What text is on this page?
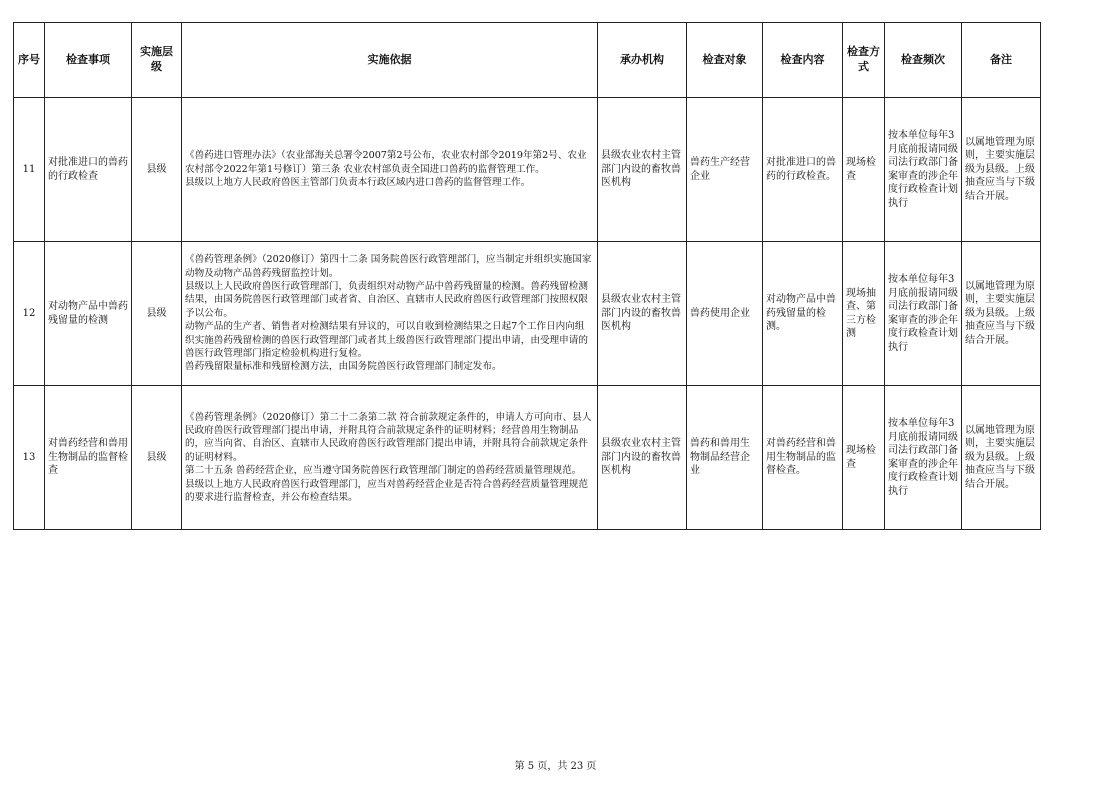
序号	检查事项	实施层级	实施依据	承办机构	检查对象	检查内容	检查方式	检查频次	备注
11	对批准进口的兽药的行政检查	县级	《兽药进口管理办法》（农业部海关总署令2007第2号公布，农业农村部令2019年第2号、农业农村部令2022年第1号修订）第三条 农业农村部负责全国进口兽药的监督管理工作。
县级以上地方人民政府兽医主管部门负责本行政区域内进口兽药的监督管理工作。	县级农业农村主管部门内设的畜牧兽医机构	兽药生产经营企业	对批准进口的兽药的行政检查。	现场检查	按本单位每年3月底前报请同级司法行政部门备案审查的涉企年度行政检查计划执行	以属地管理为原则，主要实施层级为县级。上级抽查应当与下级结合开展。
12	对动物产品中兽药残留量的检测	县级	《兽药管理条例》（2020修订）第四十二条 国务院兽医行政管理部门，应当制定并组织实施国家动物及动物产品兽药残留监控计划。
县级以上人民政府兽医行政管理部门，负责组织对动物产品中兽药残留量的检测。兽药残留检测结果，由国务院兽医行政管理部门或者省、自治区、直辖市人民政府兽医行政管理部门按照权限予以公布。
动物产品的生产者、销售者对检测结果有异议的，可以自收到检测结果之日起7个工作日内向组织实施兽药残留检测的兽医行政管理部门或者其上级兽医行政管理部门提出申请，由受理申请的兽医行政管理部门指定检验机构进行复检。
兽药残留限量标准和残留检测方法，由国务院兽医行政管理部门制定发布。	县级农业农村主管部门内设的畜牧兽医机构	兽药使用企业	对动物产品中兽药残留量的检测。	现场抽查、第三方检测	按本单位每年3月底前报请同级司法行政部门备案审查的涉企年度行政检查计划执行	以属地管理为原则，主要实施层级为县级。上级抽查应当与下级结合开展。
13	对兽药经营和兽用生物制品的监督检查	县级	《兽药管理条例》（2020修订）第二十二条第二款 符合前款规定条件的，申请人方可向市、县人民政府兽医行政管理部门提出申请，并附具符合前款规定条件的证明材料；经营兽用生物制品的，应当向省、自治区、直辖市人民政府兽医行政管理部门提出申请，并附具符合前款规定条件的证明材料。
第二十五条 兽药经营企业，应当遵守国务院兽医行政管理部门制定的兽药经营质量管理规范。
县级以上地方人民政府兽医行政管理部门，应当对兽药经营企业是否符合兽药经营质量管理规范的要求进行监督检查，并公布检查结果。	县级农业农村主管部门内设的畜牧兽医机构	兽药和兽用生物制品经营企业	对兽药经营和兽用生物制品的监督检查。	现场检查	按本单位每年3月底前报请同级司法行政部门备案审查的涉企年度行政检查计划执行	以属地管理为原则，主要实施层级为县级。上级抽查应当与下级结合开展。
第 5 页，共 23 页
